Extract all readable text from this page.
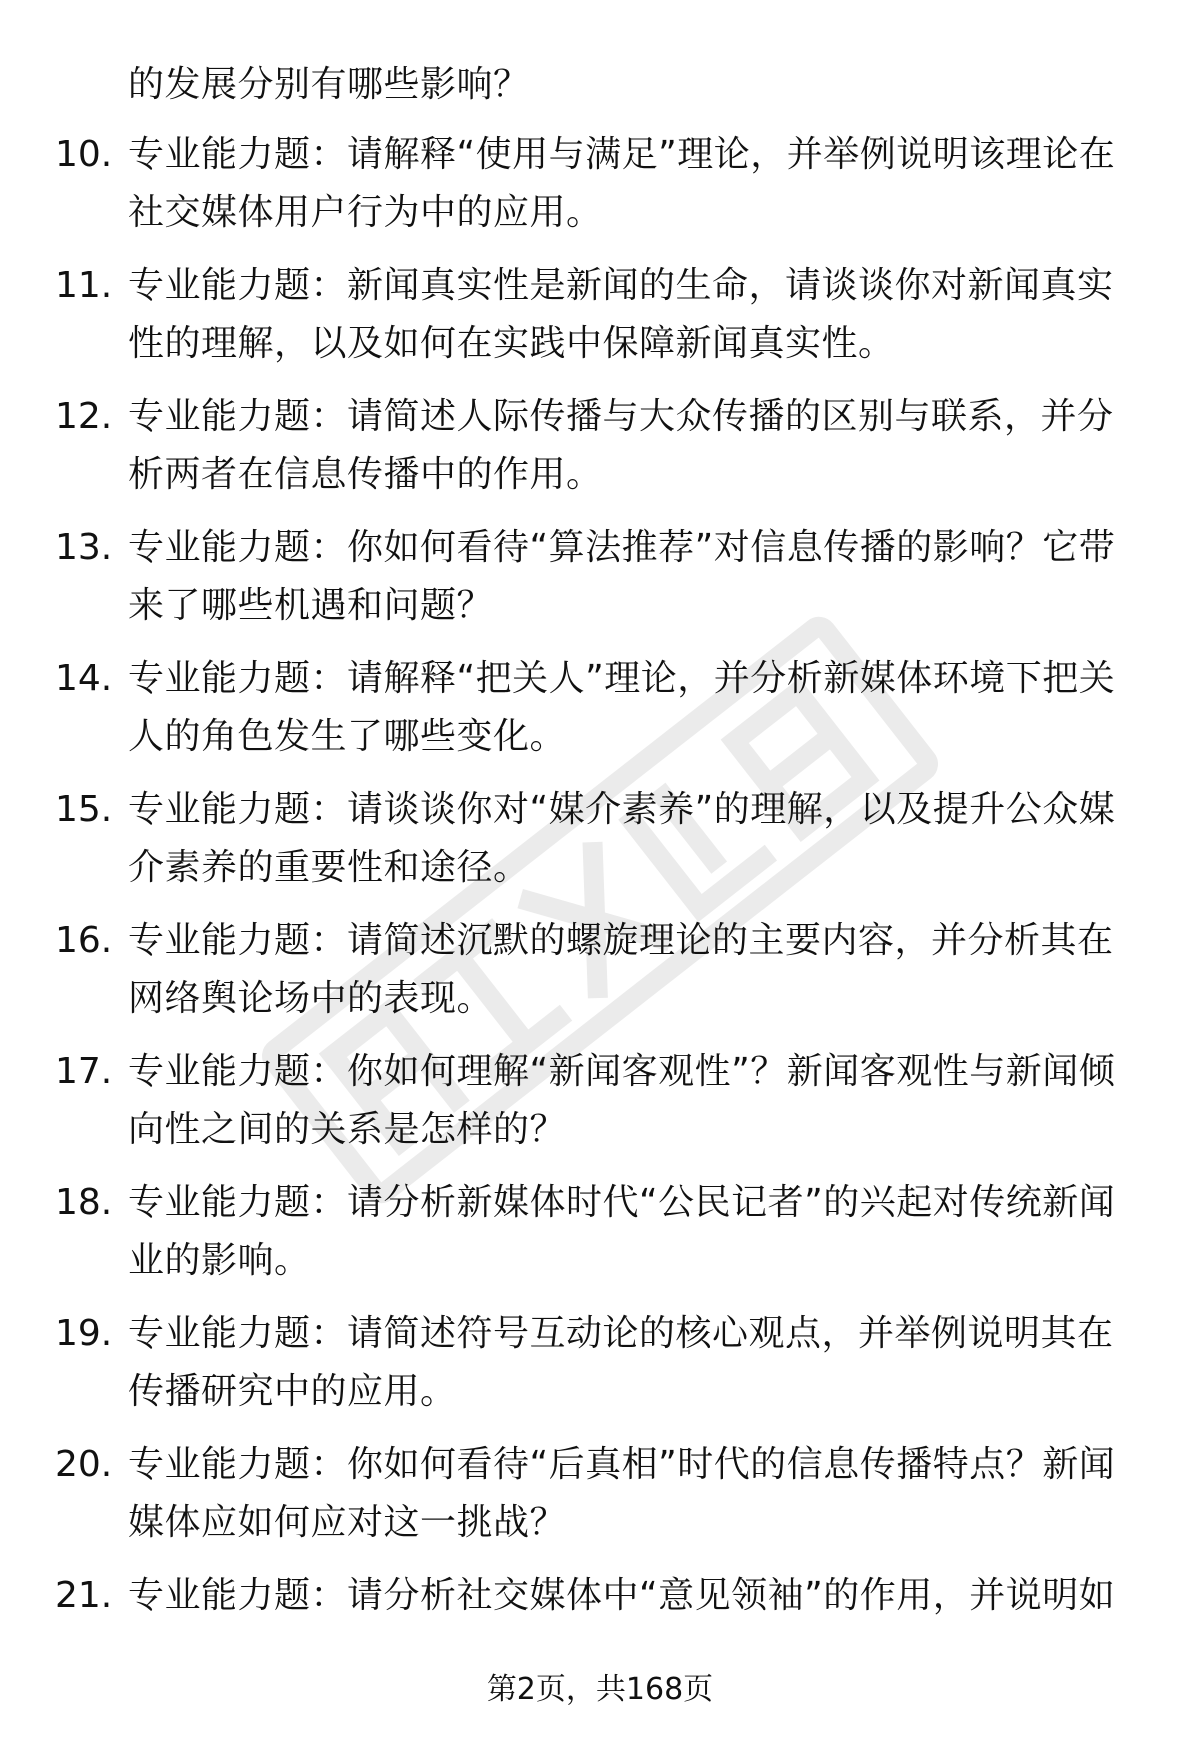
的发展分别有哪些影响？
10. 专业能力题：请解释“使用与满足”理论，并举例说明该理论在社交媒体用户行为中的应用。
11. 专业能力题：新闻真实性是新闻的生命，请谈谈你对新闻真实性的理解，以及如何在实践中保障新闻真实性。
12. 专业能力题：请简述人际传播与大众传播的区别与联系，并分析两者在信息传播中的作用。
13. 专业能力题：你如何看待“算法推荐”对信息传播的影响？它带来了哪些机遇和问题？
14. 专业能力题：请解释“把关人”理论，并分析新媒体环境下把关人的角色发生了哪些变化。
15. 专业能力题：请谈谈你对“媒介素养”的理解，以及提升公众媒介素养的重要性和途径。
16. 专业能力题：请简述沉默的螺旋理论的主要内容，并分析其在网络舆论场中的表现。
17. 专业能力题：你如何理解“新闻客观性”？新闻客观性与新闻倾向性之间的关系是怎样的？
18. 专业能力题：请分析新媒体时代“公民记者”的兴起对传统新闻业的影响。
19. 专业能力题：请简述符号互动论的核心观点，并举例说明其在传播研究中的应用。
20. 专业能力题：你如何看待“后真相”时代的信息传播特点？新闻媒体应如何应对这一挑战？
21. 专业能力题：请分析社交媒体中“意见领袖”的作用，并说明如
第2页，共168页
